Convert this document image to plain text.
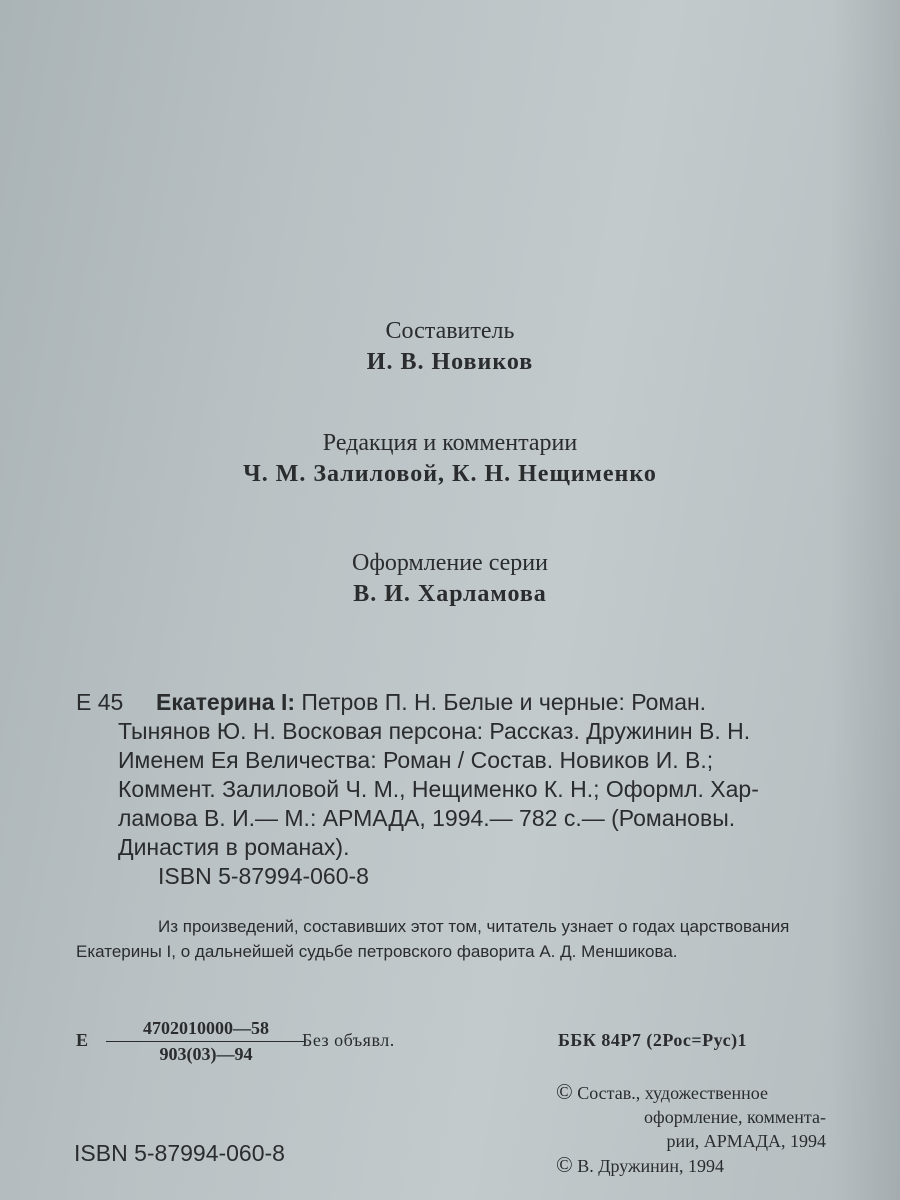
Составитель
И. В. Новиков
Редакция и комментарии
Ч. М. Залиловой, К. Н. Нещименко
Оформление серии
В. И. Харламова
Е 45	Екатерина I: Петров П. Н. Белые и черные: Роман.
Тынянов Ю. Н. Восковая персона: Рассказ. Дружинин В. Н.
Именем Ея Величества: Роман / Состав. Новиков И. В.;
Коммент. Залиловой Ч. М., Нещименко К. Н.; Оформл. Хар-
ламова В. И.— М.: АРМАДА, 1994.— 782 с.— (Романовы.
Династия в романах).
ISBN 5-87994-060-8
Из произведений, составивших этот том, читатель узнает о годах царствования Екатерины I, о дальнейшей судьбе петровского фаворита А. Д. Меншикова.
Е
4702010000—58
903(03)—94
Без объявл.	ББК 84Р7 (2Рос=Рус)1
© Состав., художественное
оформление, коммента-
рии, АРМАДА, 1994
© В. Дружинин, 1994
ISBN 5-87994-060-8
